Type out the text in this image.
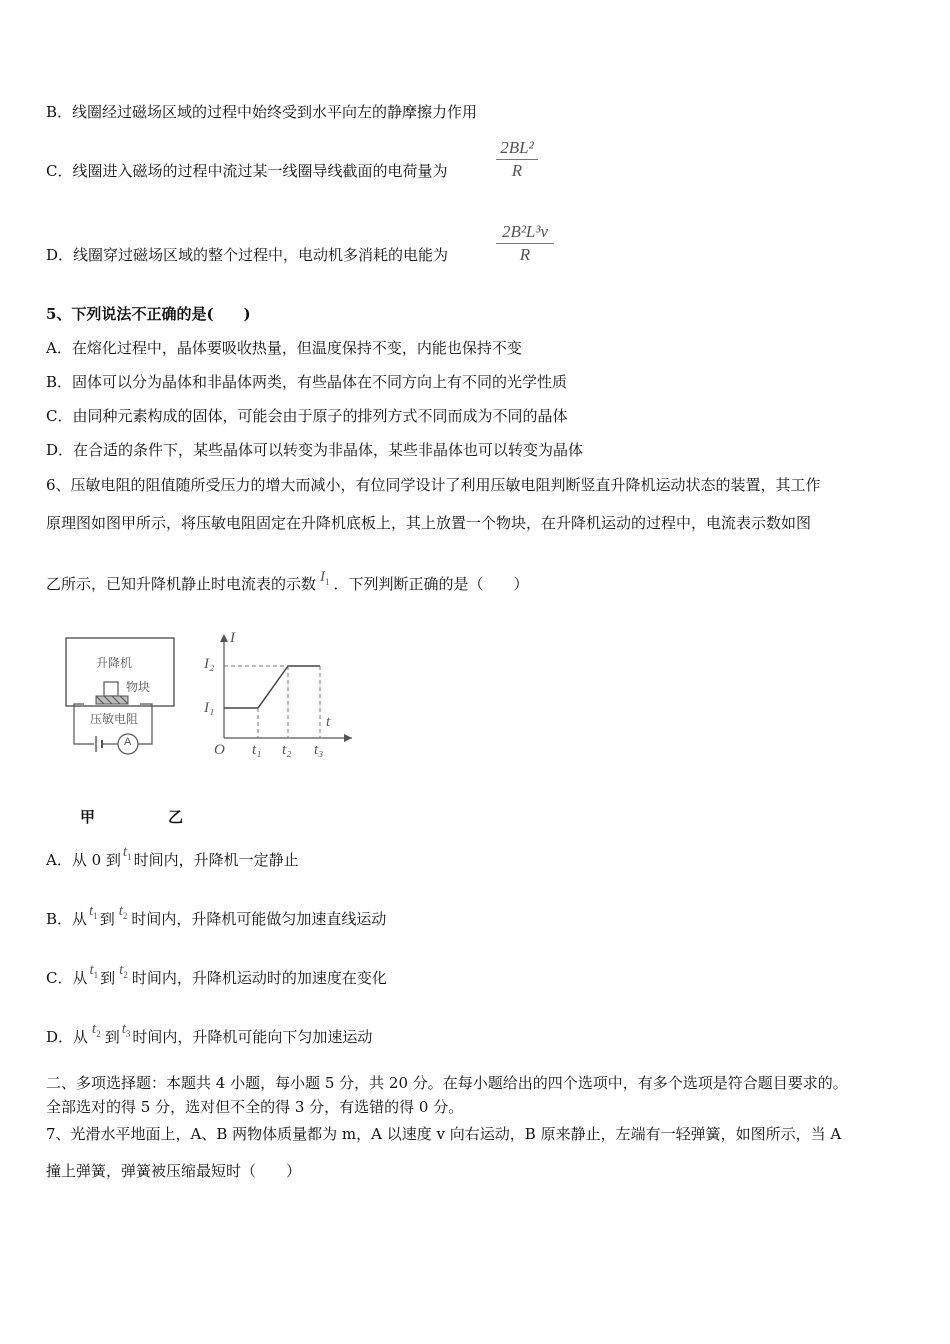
B．线圈经过磁场区域的过程中始终受到水平向左的静摩擦力作用
C．线圈进入磁场的过程中流过某一线圈导线截面的电荷量为
2BL²
R
D．线圈穿过磁场区域的整个过程中，电动机多消耗的电能为
2B²L³v
R
5、下列说法不正确的是(　　)
A．在熔化过程中，晶体要吸收热量，但温度保持不变，内能也保持不变
B．固体可以分为晶体和非晶体两类，有些晶体在不同方向上有不同的光学性质
C．由同种元素构成的固体，可能会由于原子的排列方式不同而成为不同的晶体
D．在合适的条件下，某些晶体可以转变为非晶体，某些非晶体也可以转变为晶体
6、压敏电阻的阻值随所受压力的增大而减小，有位同学设计了利用压敏电阻判断竖直升降机运动状态的装置，其工作
原理图如图甲所示，将压敏电阻固定在升降机底板上，其上放置一个物块，在升降机运动的过程中，电流表示数如图
乙所示，已知升降机静止时电流表的示数 $I_1$ ．下列判断正确的是（　　）
升降机
物块
压敏电阻
A
I
t
O
I₂
I₁
t₁ t₂ t₃
甲	乙
A．从 0 到 $t_1$ 时间内，升降机一定静止
B．从 $t_1$ 到 $t_2$ 时间内，升降机可能做匀加速直线运动
C．从 $t_1$ 到 $t_2$ 时间内，升降机运动时的加速度在变化
D．从 $t_2$ 到 $t_3$ 时间内，升降机可能向下匀加速运动
二、多项选择题：本题共 4 小题，每小题 5 分，共 20 分。在每小题给出的四个选项中，有多个选项是符合题目要求的。
全部选对的得 5 分，选对但不全的得 3 分，有选错的得 0 分。
7、光滑水平地面上，A、B 两物体质量都为 m，A 以速度 v 向右运动，B 原来静止，左端有一轻弹簧，如图所示，当 A
撞上弹簧，弹簧被压缩最短时（　　）
